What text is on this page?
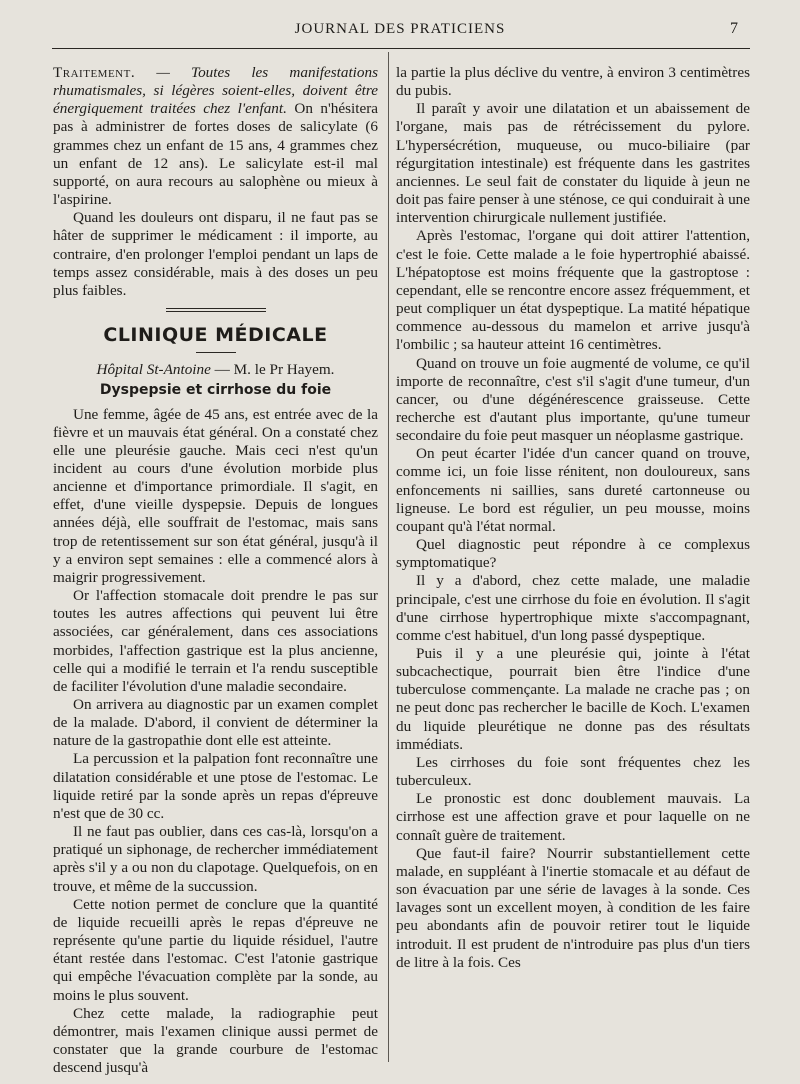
JOURNAL DES PRATICIENS	7

Traitement. — Toutes les manifestations rhumatismales, si légères soient-elles, doivent être énergiquement traitées chez l'enfant. On n'hésitera pas à administrer de fortes doses de salicylate (6 grammes chez un enfant de 15 ans, 4 grammes chez un enfant de 12 ans). Le salicylate est-il mal supporté, on aura recours au salophène ou mieux à l'aspirine.

Quand les douleurs ont disparu, il ne faut pas se hâter de supprimer le médicament : il importe, au contraire, d'en prolonger l'emploi pendant un laps de temps assez considérable, mais à des doses un peu plus faibles.

CLINIQUE MÉDICALE
Hôpital St-Antoine — M. le Pr Hayem.
Dyspepsie et cirrhose du foie

Une femme, âgée de 45 ans, est entrée avec de la fièvre et un mauvais état général. On a constaté chez elle une pleurésie gauche. Mais ceci n'est qu'un incident au cours d'une évolution morbide plus ancienne et d'importance primordiale. Il s'agit, en effet, d'une vieille dyspepsie. Depuis de longues années déjà, elle souffrait de l'estomac, mais sans trop de retentissement sur son état général, jusqu'à il y a environ sept semaines : elle a commencé alors à maigrir progressivement.

Or l'affection stomacale doit prendre le pas sur toutes les autres affections qui peuvent lui être associées, car généralement, dans ces associations morbides, l'affection gastrique est la plus ancienne, celle qui a modifié le terrain et l'a rendu susceptible de faciliter l'évolution d'une maladie secondaire.

On arrivera au diagnostic par un examen complet de la malade. D'abord, il convient de déterminer la nature de la gastropathie dont elle est atteinte.

La percussion et la palpation font reconnaître une dilatation considérable et une ptose de l'estomac. Le liquide retiré par la sonde après un repas d'épreuve n'est que de 30 cc.

Il ne faut pas oublier, dans ces cas-là, lorsqu'on a pratiqué un siphonage, de rechercher immédiatement après s'il y a ou non du clapotage. Quelquefois, on en trouve, et même de la succussion.

Cette notion permet de conclure que la quantité de liquide recueilli après le repas d'épreuve ne représente qu'une partie du liquide résiduel, l'autre étant restée dans l'estomac. C'est l'atonie gastrique qui empêche l'évacuation complète par la sonde, au moins le plus souvent.

Chez cette malade, la radiographie peut démontrer, mais l'examen clinique aussi permet de constater que la grande courbure de l'estomac descend jusqu'à

la partie la plus déclive du ventre, à environ 3 centimètres du pubis.

Il paraît y avoir une dilatation et un abaissement de l'organe, mais pas de rétrécissement du pylore. L'hypersécrétion, muqueuse, ou muco-biliaire (par régurgitation intestinale) est fréquente dans les gastrites anciennes. Le seul fait de constater du liquide à jeun ne doit pas faire penser à une sténose, ce qui conduirait à une intervention chirurgicale nullement justifiée.

Après l'estomac, l'organe qui doit attirer l'attention, c'est le foie. Cette malade a le foie hypertrophié abaissé. L'hépatoptose est moins fréquente que la gastroptose : cependant, elle se rencontre encore assez fréquemment, et peut compliquer un état dyspeptique. La matité hépatique commence au-dessous du mamelon et arrive jusqu'à l'ombilic ; sa hauteur atteint 16 centimètres.

Quand on trouve un foie augmenté de volume, ce qu'il importe de reconnaître, c'est s'il s'agit d'une tumeur, d'un cancer, ou d'une dégénérescence graisseuse. Cette recherche est d'autant plus importante, qu'une tumeur secondaire du foie peut masquer un néoplasme gastrique.

On peut écarter l'idée d'un cancer quand on trouve, comme ici, un foie lisse rénitent, non douloureux, sans enfoncements ni saillies, sans dureté cartonneuse ou ligneuse. Le bord est régulier, un peu mousse, moins coupant qu'à l'état normal.

Quel diagnostic peut répondre à ce complexus symptomatique?

Il y a d'abord, chez cette malade, une maladie principale, c'est une cirrhose du foie en évolution. Il s'agit d'une cirrhose hypertrophique mixte s'accompagnant, comme c'est habituel, d'un long passé dyspeptique.

Puis il y a une pleurésie qui, jointe à l'état subcachectique, pourrait bien être l'indice d'une tuberculose commençante. La malade ne crache pas ; on ne peut donc pas rechercher le bacille de Koch. L'examen du liquide pleurétique ne donne pas des résultats immédiats.

Les cirrhoses du foie sont fréquentes chez les tuberculeux.

Le pronostic est donc doublement mauvais. La cirrhose est une affection grave et pour laquelle on ne connaît guère de traitement.

Que faut-il faire? Nourrir substantiellement cette malade, en suppléant à l'inertie stomacale et au défaut de son évacuation par une série de lavages à la sonde. Ces lavages sont un excellent moyen, à condition de les faire peu abondants afin de pouvoir retirer tout le liquide introduit. Il est prudent de n'introduire pas plus d'un tiers de litre à la fois. Ces
